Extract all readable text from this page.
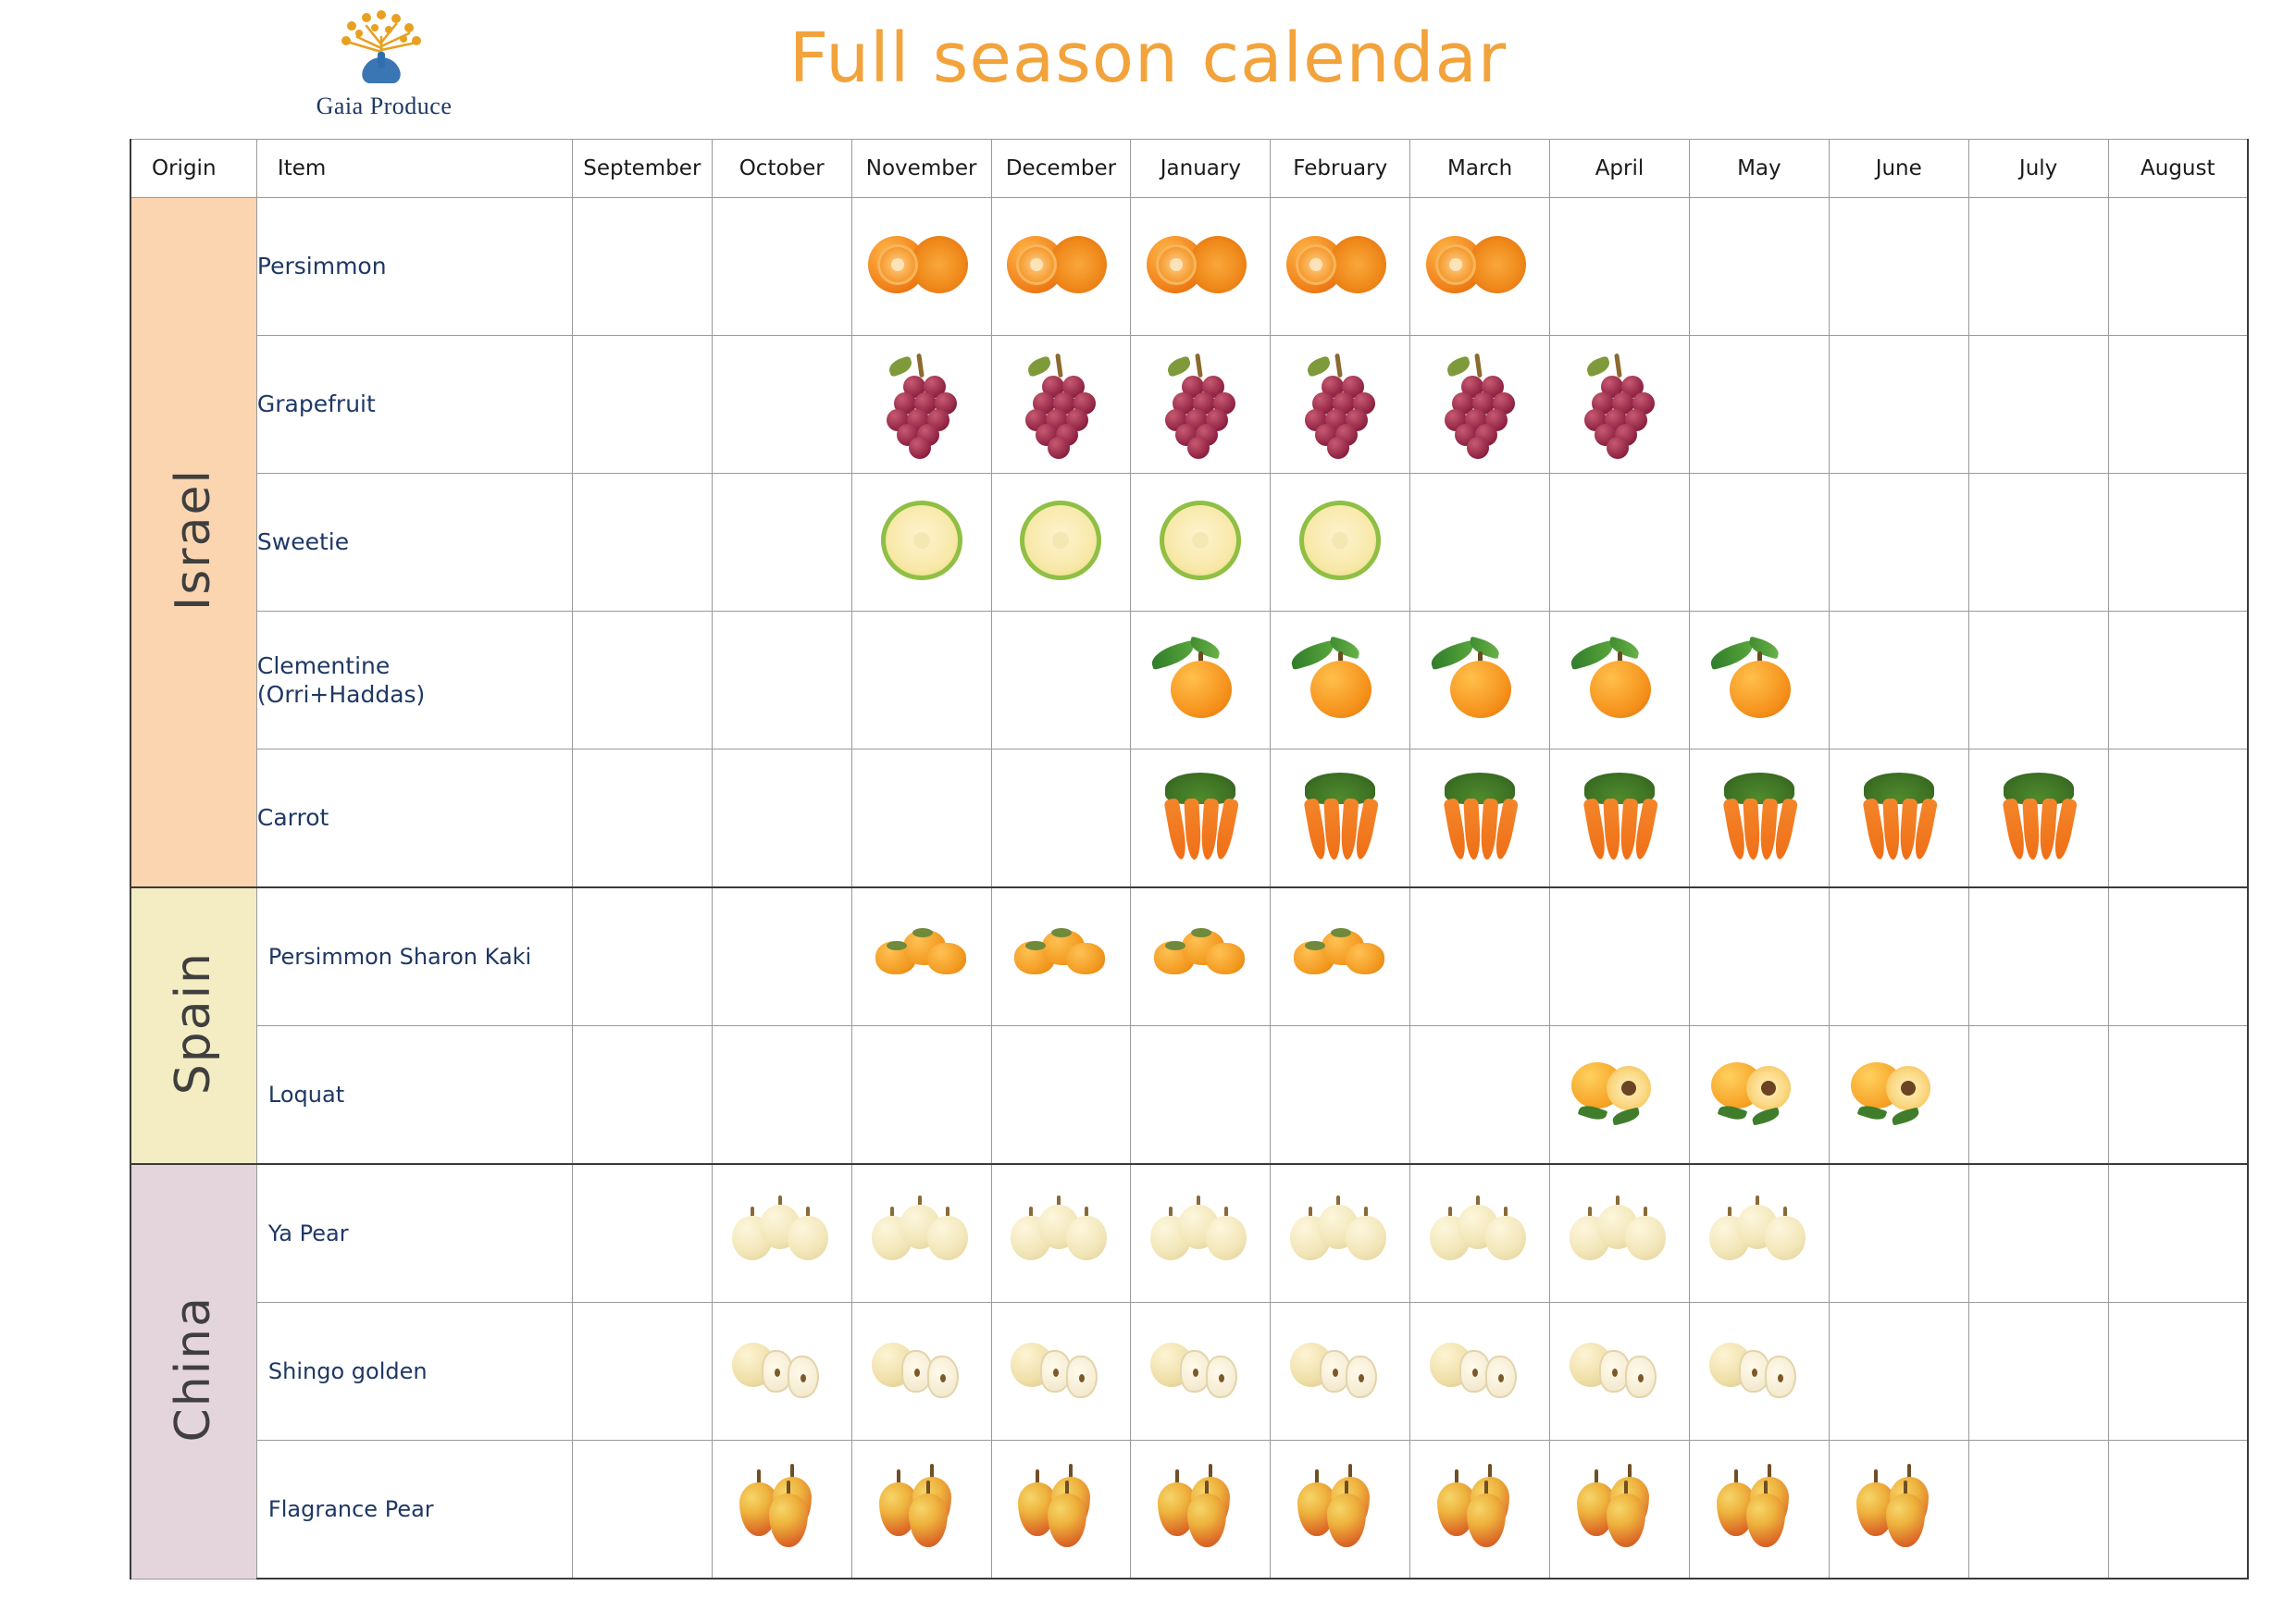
Gaia Produce
Full season calendar
Origin	Item	September	October	November	December	January	February	March	April	May	June	July	August
Israel	Persimmon			

	Grapefruit			

	Sweetie			

	Clementine
(Orri+Haddas)					

	Carrot					

Spain	Persimmon Sharon Kaki			

	Loquat								

China	Ya Pear		

	Shingo golden		

	Flagrance Pear		
